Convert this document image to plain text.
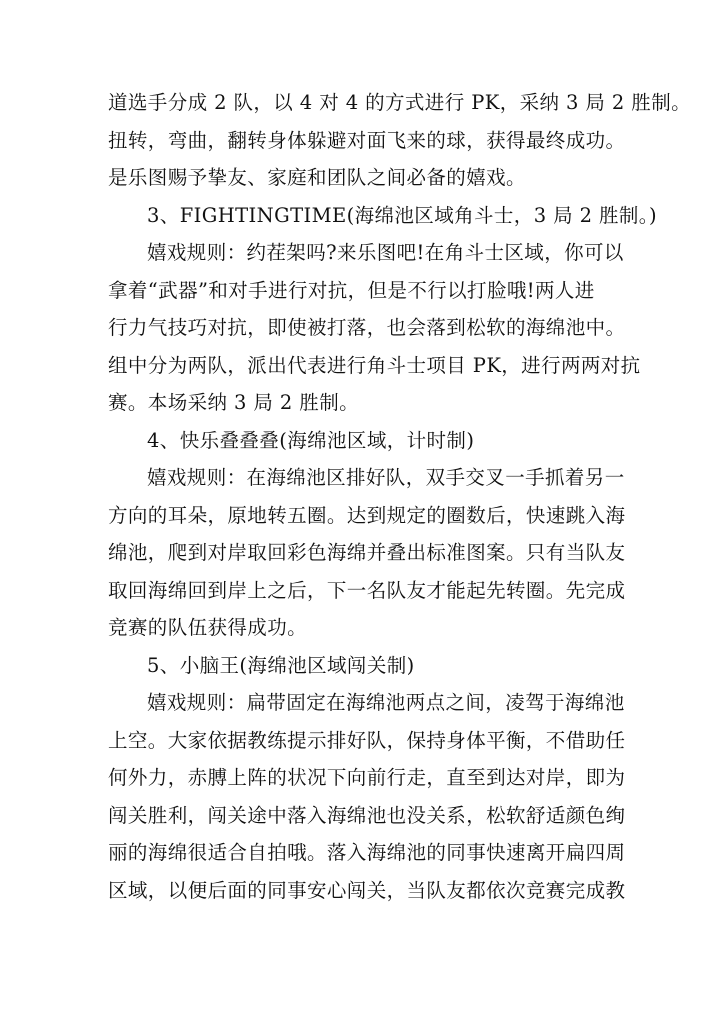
道选手分成 2 队，以 4 对 4 的方式进行 PK，采纳 3 局 2 胜制。
扭转，弯曲，翻转身体躲避对面飞来的球，获得最终成功。
是乐图赐予挚友、家庭和团队之间必备的嬉戏。
3、FIGHTINGTIME(海绵池区域角斗士，3 局 2 胜制。)
嬉戏规则：约茬架吗?来乐图吧!在角斗士区域，你可以
拿着“武器”和对手进行对抗，但是不行以打脸哦!两人进
行力气技巧对抗，即使被打落，也会落到松软的海绵池中。
组中分为两队，派出代表进行角斗士项目 PK，进行两两对抗
赛。本场采纳 3 局 2 胜制。
4、快乐叠叠叠(海绵池区域，计时制)
嬉戏规则：在海绵池区排好队，双手交叉一手抓着另一
方向的耳朵，原地转五圈。达到规定的圈数后，快速跳入海
绵池，爬到对岸取回彩色海绵并叠出标准图案。只有当队友
取回海绵回到岸上之后，下一名队友才能起先转圈。先完成
竞赛的队伍获得成功。
5、小脑王(海绵池区域闯关制)
嬉戏规则：扁带固定在海绵池两点之间，凌驾于海绵池
上空。大家依据教练提示排好队，保持身体平衡，不借助任
何外力，赤膊上阵的状况下向前行走，直至到达对岸，即为
闯关胜利，闯关途中落入海绵池也没关系，松软舒适颜色绚
丽的海绵很适合自拍哦。落入海绵池的同事快速离开扁四周
区域，以便后面的同事安心闯关，当队友都依次竞赛完成教
